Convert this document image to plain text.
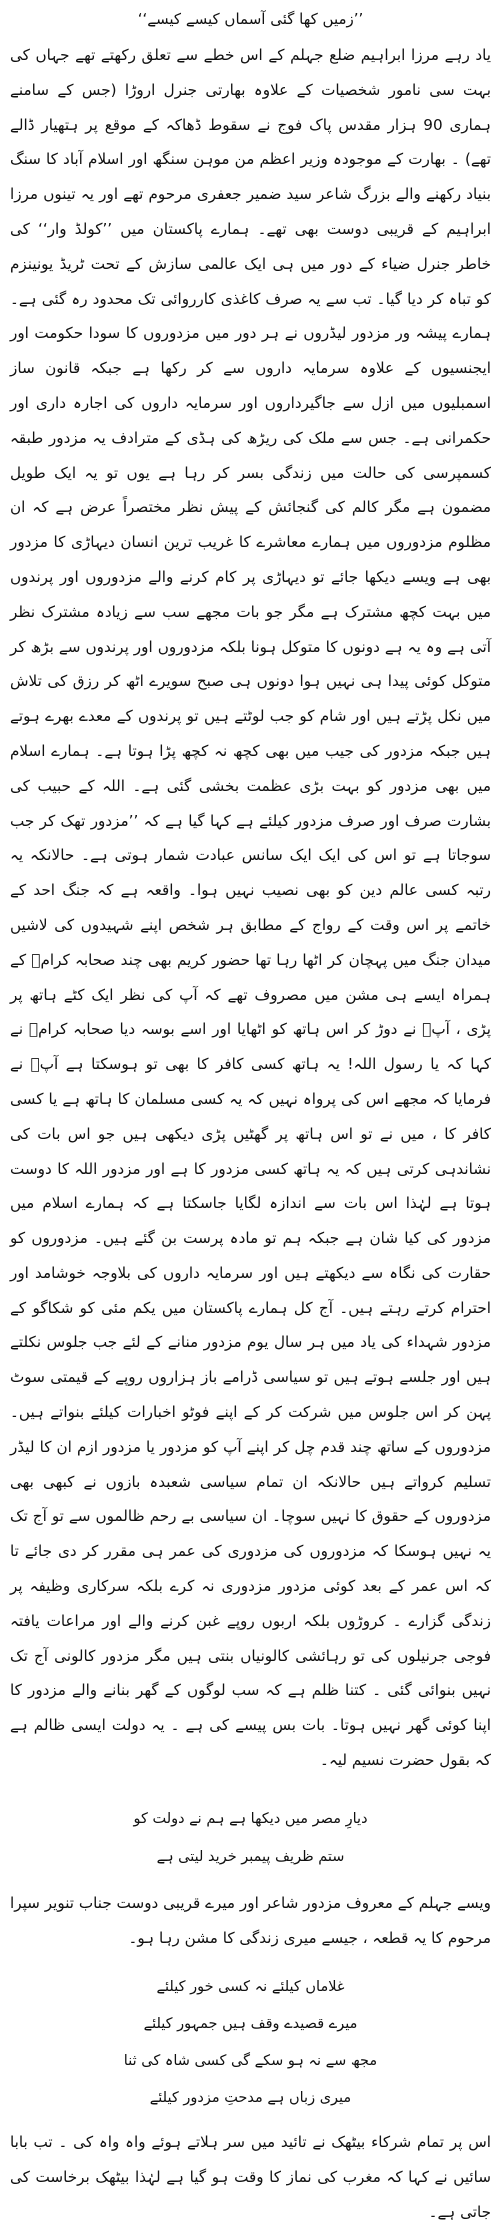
’’زمیں کھا گئی آسماں کیسے کیسے‘‘

یاد رہے مرزا ابراہیم ضلع جہلم کے اس خطے سے تعلق رکھتے تھے جہاں کی بہت سی نامور شخصیات کے علاوہ بھارتی جنرل اروڑا (جس کے سامنے ہماری 90 ہزار مقدس پاک فوج نے سقوط ڈھاکہ کے موقع پر ہتھیار ڈالے تھے) ۔ بھارت کے موجودہ وزیر اعظم من موہن سنگھ اور اسلام آباد کا سنگ بنیاد رکھنے والے بزرگ شاعر سید ضمیر جعفری مرحوم تھے اور یہ تینوں مرزا ابراہیم کے قریبی دوست بھی تھے۔ ہمارے پاکستان میں ’’کولڈ وار‘‘ کی خاطر جنرل ضیاء کے دور میں ہی ایک عالمی سازش کے تحت ٹریڈ یونینزم کو تباہ کر دیا گیا۔ تب سے یہ صرف کاغذی کارروائی تک محدود رہ گئی ہے۔ ہمارے پیشہ ور مزدور لیڈروں نے ہر دور میں مزدوروں کا سودا حکومت اور ایجنسیوں کے علاوہ سرمایہ داروں سے کر رکھا ہے جبکہ قانون ساز اسمبلیوں میں ازل سے جاگیرداروں اور سرمایہ داروں کی اجارہ داری اور حکمرانی ہے۔ جس سے ملک کی ریڑھ کی ہڈی کے مترادف یہ مزدور طبقہ کسمپرسی کی حالت میں زندگی بسر کر رہا ہے یوں تو یہ ایک طویل مضمون ہے مگر کالم کی گنجائش کے پیش نظر مختصراً عرض ہے کہ ان مظلوم مزدوروں میں ہمارے معاشرے کا غریب ترین انسان دیہاڑی کا مزدور بھی ہے ویسے دیکھا جائے تو دیہاڑی پر کام کرنے والے مزدوروں اور پرندوں میں بہت کچھ مشترک ہے مگر جو بات مجھے سب سے زیادہ مشترک نظر آتی ہے وہ یہ ہے دونوں کا متوکل ہونا بلکہ مزدوروں اور پرندوں سے بڑھ کر متوکل کوئی پیدا ہی نہیں ہوا دونوں ہی صبح سویرے اٹھ کر رزق کی تلاش میں نکل پڑتے ہیں اور شام کو جب لوٹتے ہیں تو پرندوں کے معدے بھرے ہوتے ہیں جبکہ مزدور کی جیب میں بھی کچھ نہ کچھ پڑا ہوتا ہے۔ ہمارے اسلام میں بھی مزدور کو بہت بڑی عظمت بخشی گئی ہے۔ اللہ کے حبیب کی بشارت صرف اور صرف مزدور کیلئے ہے کہا گیا ہے کہ ’’مزدور تھک کر جب سوجاتا ہے تو اس کی ایک ایک سانس عبادت شمار ہوتی ہے۔ حالانکہ یہ رتبہ کسی عالم دین کو بھی نصیب نہیں ہوا۔ واقعہ ہے کہ جنگ احد کے خاتمے پر اس وقت کے رواج کے مطابق ہر شخص اپنے شہیدوں کی لاشیں میدان جنگ میں پہچان کر اٹھا رہا تھا حضور کریم بھی چند صحابہ کرامؓ کے ہمراہ ایسے ہی مشن میں مصروف تھے کہ آپ کی نظر ایک کٹے ہاتھ پر پڑی ، آپؐ نے دوڑ کر اس ہاتھ کو اٹھایا اور اسے بوسہ دیا صحابہ کرامؓ نے کہا کہ یا رسول اللہ! یہ ہاتھ کسی کافر کا بھی تو ہوسکتا ہے آپؐ نے فرمایا کہ مجھے اس کی پرواہ نہیں کہ یہ کسی مسلمان کا ہاتھ ہے یا کسی کافر کا ، میں نے تو اس ہاتھ پر گھٹیں پڑی دیکھی ہیں جو اس بات کی نشاندہی کرتی ہیں کہ یہ ہاتھ کسی مزدور کا ہے اور مزدور اللہ کا دوست ہوتا ہے لہٰذا اس بات سے اندازہ لگایا جاسکتا ہے کہ ہمارے اسلام میں مزدور کی کیا شان ہے جبکہ ہم تو مادہ پرست بن گئے ہیں۔ مزدوروں کو حقارت کی نگاہ سے دیکھتے ہیں اور سرمایہ داروں کی بلاوجہ خوشامد اور احترام کرتے رہتے ہیں۔ آج کل ہمارے پاکستان میں یکم مئی کو شکاگو کے مزدور شہداء کی یاد میں ہر سال یوم مزدور منانے کے لئے جب جلوس نکلتے ہیں اور جلسے ہوتے ہیں تو سیاسی ڈرامے باز ہزاروں روپے کے قیمتی سوٹ پہن کر اس جلوس میں شرکت کر کے اپنے فوٹو اخبارات کیلئے بنواتے ہیں۔ مزدوروں کے ساتھ چند قدم چل کر اپنے آپ کو مزدور یا مزدور ازم ان کا لیڈر تسلیم کرواتے ہیں حالانکہ ان تمام سیاسی شعبدہ بازوں نے کبھی بھی مزدوروں کے حقوق کا نہیں سوچا۔ ان سیاسی بے رحم ظالموں سے تو آج تک یہ نہیں ہوسکا کہ مزدوروں کی مزدوری کی عمر ہی مقرر کر دی جائے تا کہ اس عمر کے بعد کوئی مزدور مزدوری نہ کرے بلکہ سرکاری وظیفہ پر زندگی گزارے ۔ کروڑوں بلکہ اربوں روپے غبن کرنے والے اور مراعات یافتہ فوجی جرنیلوں کی تو رہائشی کالونیاں بنتی ہیں مگر مزدور کالونی آج تک نہیں بنوائی گئی ۔ کتنا ظلم ہے کہ سب لوگوں کے گھر بنانے والے مزدور کا اپنا کوئی گھر نہیں ہوتا۔ بات بس پیسے کی ہے ۔ یہ دولت ایسی ظالم ہے کہ بقول حضرت نسیم لیہ۔

دیارِ مصر میں دیکھا ہے ہم نے دولت کو

ستم ظریف پیمبر خرید لیتی ہے

ویسے جہلم کے معروف مزدور شاعر اور میرے قریبی دوست جناب تنویر سپرا مرحوم کا یہ قطعہ ، جیسے میری زندگی کا مشن رہا ہو۔

غلاماں کیلئے نہ کسی خور کیلئے

میرے قصیدے وقف ہیں جمہور کیلئے

مجھ سے نہ ہو سکے گی کسی شاہ کی ثنا

میری زباں ہے مدحتِ مزدور کیلئے

اس پر تمام شرکاء بیٹھک نے تائید میں سر ہلاتے ہوئے واہ واہ کی ۔ تب بابا سائیں نے کہا کہ مغرب کی نماز کا وقت ہو گیا ہے لہٰذا بیٹھک برخاست کی جاتی ہے۔
